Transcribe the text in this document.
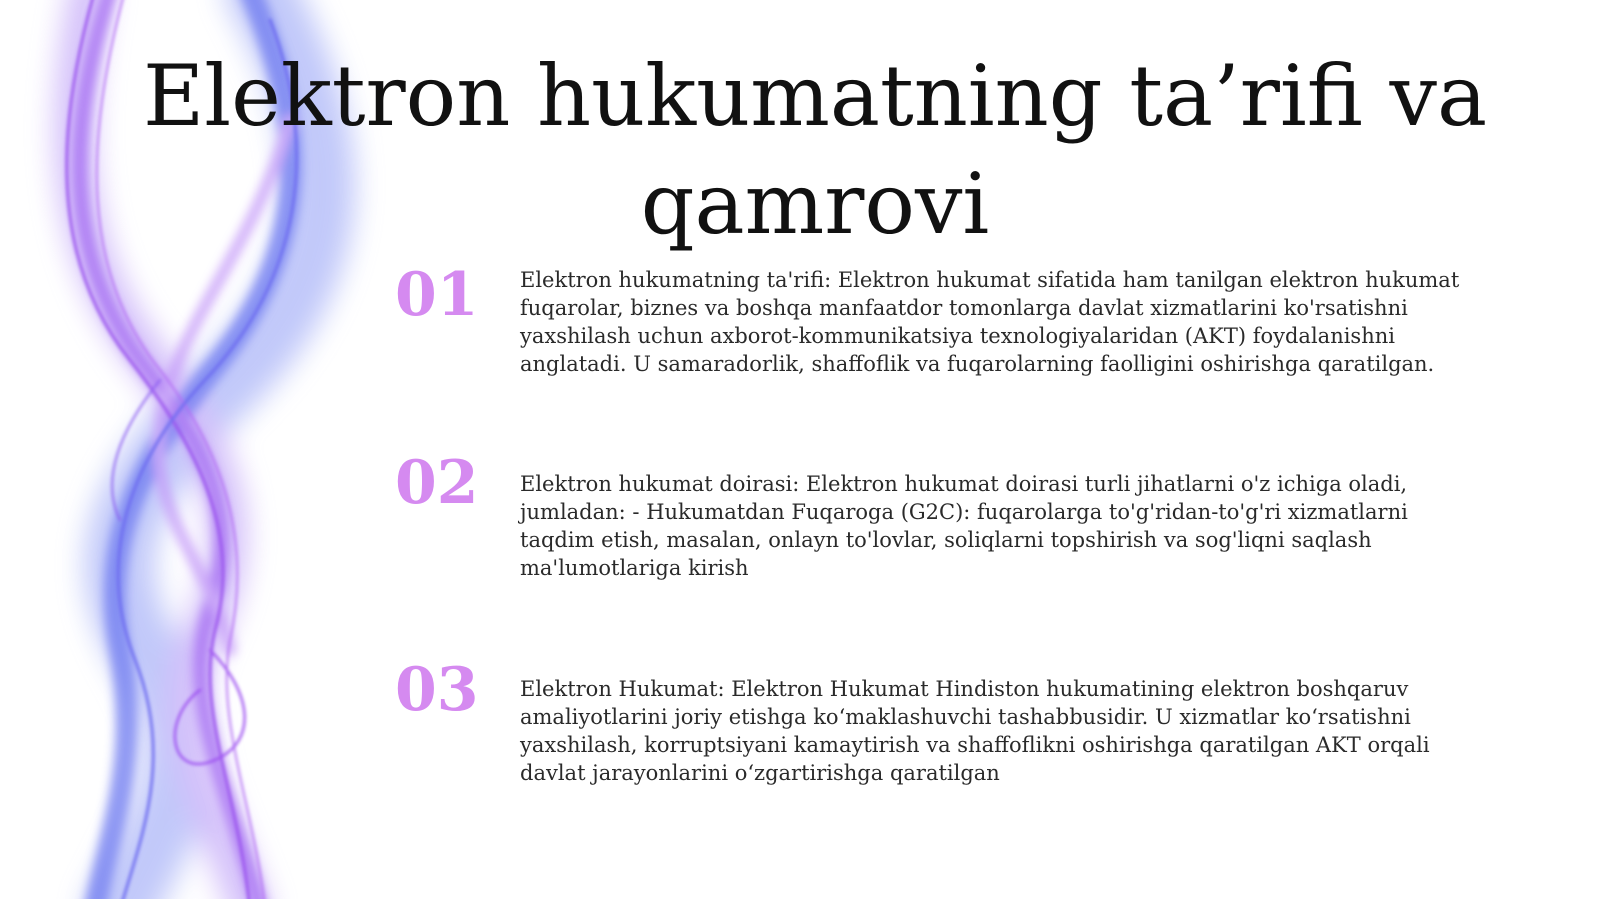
Elektron hukumatning ta’rifi va qamrovi
01	Elektron hukumatning ta'rifi: Elektron hukumat sifatida ham tanilgan elektron hukumat fuqarolar, biznes va boshqa manfaatdor tomonlarga davlat xizmatlarini ko'rsatishni yaxshilash uchun axborot-kommunikatsiya texnologiyalaridan (AKT) foydalanishni anglatadi. U samaradorlik, shaffoflik va fuqarolarning faolligini oshirishga qaratilgan.

02	Elektron hukumat doirasi: Elektron hukumat doirasi turli jihatlarni o'z ichiga oladi, jumladan: - Hukumatdan Fuqaroga (G2C): fuqarolarga to'g'ridan-to'g'ri xizmatlarni taqdim etish, masalan, onlayn to'lovlar, soliqlarni topshirish va sog'liqni saqlash ma'lumotlariga kirish

03	Elektron Hukumat: Elektron Hukumat Hindiston hukumatining elektron boshqaruv amaliyotlarini joriy etishga ko‘maklashuvchi tashabbusidir. U xizmatlar ko‘rsatishni yaxshilash, korruptsiyani kamaytirish va shaffoflikni oshirishga qaratilgan AKT orqali davlat jarayonlarini o‘zgartirishga qaratilgan
